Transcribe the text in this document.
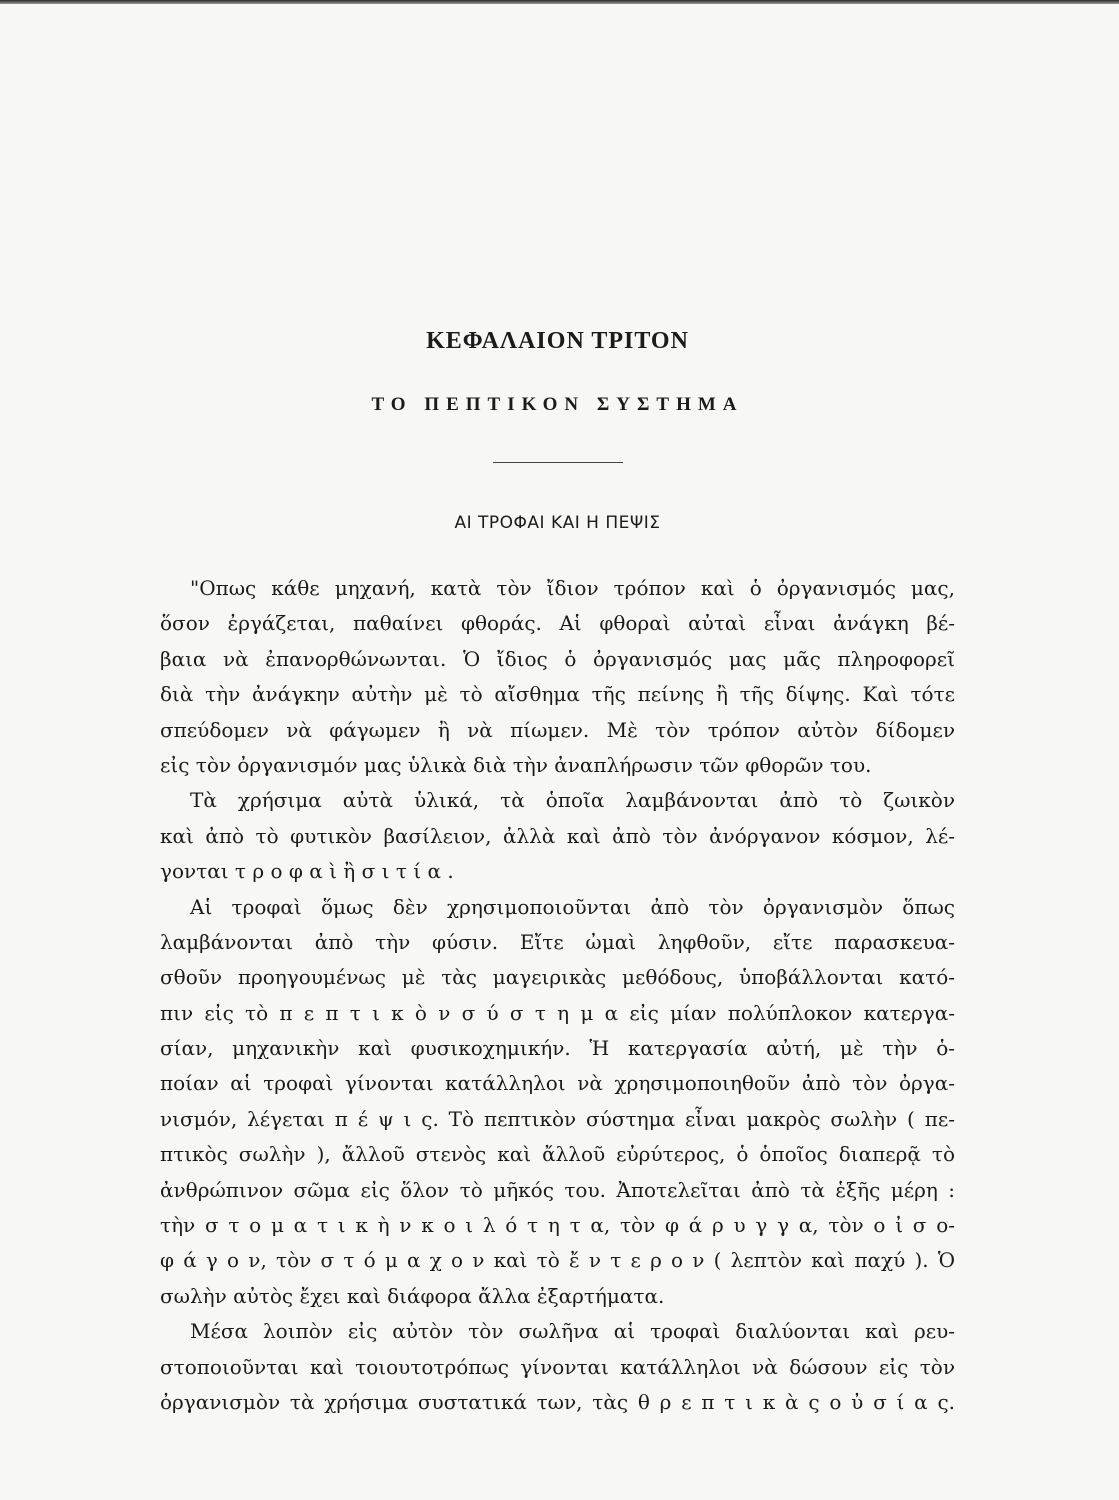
ΚΕΦΑΛΑΙΟΝ ΤΡΙΤΟΝ
ΤΟ ΠΕΠΤΙΚΟΝ ΣΥΣΤΗΜΑ
ΑΙ ΤΡΟΦΑΙ ΚΑΙ Η ΠΕΨΙΣ
"Οπως κάθε μηχανή, κατὰ τὸν ἴδιον τρόπον καὶ ὁ ὀργανισμός μας,
ὅσον ἐργάζεται, παθαίνει φθοράς. Αἱ φθοραὶ αὐταὶ εἶναι ἀνάγκη βέ-
βαια νὰ ἐπανορθώνωνται. Ὁ ἴδιος ὁ ὀργανισμός μας μᾶς πληροφορεῖ
διὰ τὴν ἀνάγκην αὐτὴν μὲ τὸ αἴσθημα τῆς πείνης ἢ τῆς δίψης. Καὶ τότε
σπεύδομεν νὰ φάγωμεν ἢ νὰ πίωμεν. Μὲ τὸν τρόπον αὐτὸν δίδομεν
εἰς τὸν ὀργανισμόν μας ὑλικὰ διὰ τὴν ἀναπλήρωσιν τῶν φθορῶν του.
Τὰ χρήσιμα αὐτὰ ὑλικά, τὰ ὁποῖα λαμβάνονται ἀπὸ τὸ ζωικὸν
καὶ ἀπὸ τὸ φυτικὸν βασίλειον, ἀλλὰ καὶ ἀπὸ τὸν ἀνόργανον κόσμον, λέ-
γονται τ ρ ο φ α ὶ ἢ σ ι τ ί α .
Αἱ τροφαὶ ὅμως δὲν χρησιμοποιοῦνται ἀπὸ τὸν ὀργανισμὸν ὅπως
λαμβάνονται ἀπὸ τὴν φύσιν. Εἴτε ὠμαὶ ληφθοῦν, εἴτε παρασκευα-
σθοῦν προηγουμένως μὲ τὰς μαγειρικὰς μεθόδους, ὑποβάλλονται κατό-
πιν εἰς τὸ π ε π τ ι κ ὸ ν σ ύ σ τ η μ α εἰς μίαν πολύπλοκον κατεργα-
σίαν, μηχανικὴν καὶ φυσικοχημικήν. Ἡ κατεργασία αὐτή, μὲ τὴν ὁ-
ποίαν αἱ τροφαὶ γίνονται κατάλληλοι νὰ χρησιμοποιηθοῦν ἀπὸ τὸν ὀργα-
νισμόν, λέγεται π έ ψ ι ς. Τὸ πεπτικὸν σύστημα εἶναι μακρὸς σωλὴν ( πε-
πτικὸς σωλὴν ), ἄλλοῦ στενὸς καὶ ἄλλοῦ εὐρύτερος, ὁ ὁποῖος διαπερᾷ τὸ
ἀνθρώπινον σῶμα εἰς ὅλον τὸ μῆκός του. Ἀποτελεῖται ἀπὸ τὰ ἑξῆς μέρη :
τὴν σ τ ο μ α τ ι κ ὴ ν κ ο ι λ ό τ η τ α, τὸν φ ά ρ υ γ γ α, τὸν ο ἰ σ ο-
φ ά γ ο ν, τὸν σ τ ό μ α χ ο ν καὶ τὸ ἔ ν τ ε ρ ο ν ( λεπτὸν καὶ παχύ ). Ὁ
σωλὴν αὐτὸς ἔχει καὶ διάφορα ἄλλα ἐξαρτήματα.
Μέσα λοιπὸν εἰς αὐτὸν τὸν σωλῆνα αἱ τροφαὶ διαλύονται καὶ ρευ-
στοποιοῦνται καὶ τοιουτοτρόπως γίνονται κατάλληλοι νὰ δώσουν εἰς τὸν
ὀργανισμὸν τὰ χρήσιμα συστατικά των, τὰς θ ρ ε π τ ι κ ὰ ς ο ὐ σ ί α ς.
